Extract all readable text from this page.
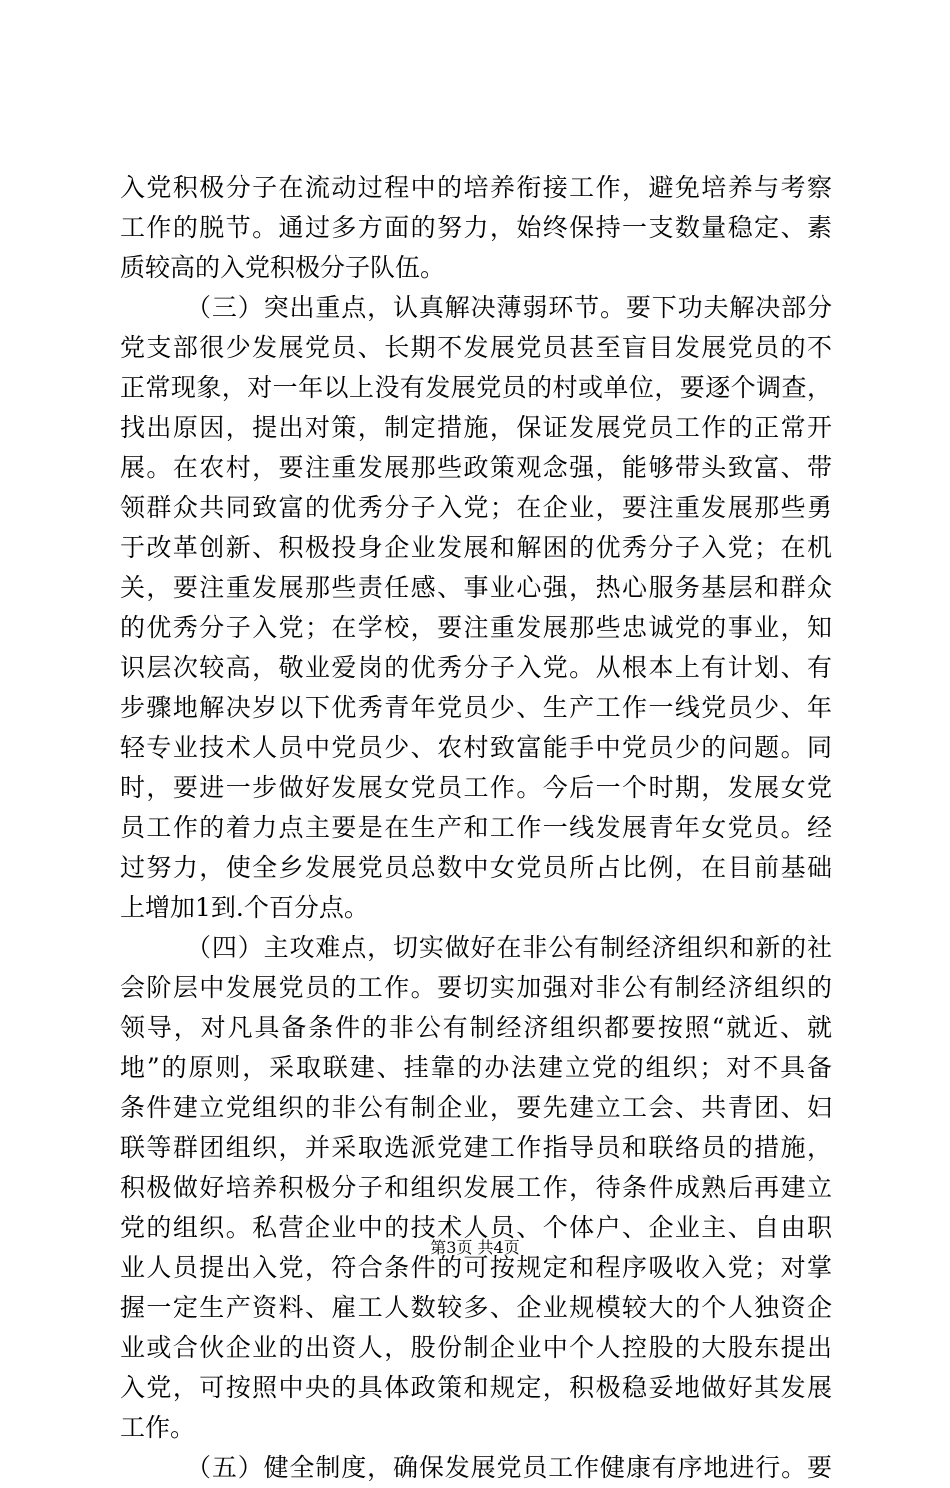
入党积极分子在流动过程中的培养衔接工作，避免培养与考察
工作的脱节。通过多方面的努力，始终保持一支数量稳定、素
质较高的入党积极分子队伍。
（三）突出重点，认真解决薄弱环节。要下功夫解决部分
党支部很少发展党员、长期不发展党员甚至盲目发展党员的不
正常现象，对一年以上没有发展党员的村或单位，要逐个调查，
找出原因，提出对策，制定措施，保证发展党员工作的正常开
展。在农村，要注重发展那些政策观念强，能够带头致富、带
领群众共同致富的优秀分子入党；在企业，要注重发展那些勇
于改革创新、积极投身企业发展和解困的优秀分子入党；在机
关，要注重发展那些责任感、事业心强，热心服务基层和群众
的优秀分子入党；在学校，要注重发展那些忠诚党的事业，知
识层次较高，敬业爱岗的优秀分子入党。从根本上有计划、有
步骤地解决岁以下优秀青年党员少、生产工作一线党员少、年
轻专业技术人员中党员少、农村致富能手中党员少的问题。同
时，要进一步做好发展女党员工作。今后一个时期，发展女党
员工作的着力点主要是在生产和工作一线发展青年女党员。经
过努力，使全乡发展党员总数中女党员所占比例，在目前基础
上增加1到.个百分点。
（四）主攻难点，切实做好在非公有制经济组织和新的社
会阶层中发展党员的工作。要切实加强对非公有制经济组织的
领导，对凡具备条件的非公有制经济组织都要按照“就近、就
地”的原则，采取联建、挂靠的办法建立党的组织；对不具备
条件建立党组织的非公有制企业，要先建立工会、共青团、妇
联等群团组织，并采取选派党建工作指导员和联络员的措施，
积极做好培养积极分子和组织发展工作，待条件成熟后再建立
党的组织。私营企业中的技术人员、个体户、企业主、自由职
业人员提出入党，符合条件的可按规定和程序吸收入党；对掌
握一定生产资料、雇工人数较多、企业规模较大的个人独资企
业或合伙企业的出资人，股份制企业中个人控股的大股东提出
入党，可按照中央的具体政策和规定，积极稳妥地做好其发展
工作。
（五）健全制度，确保发展党员工作健康有序地进行。要
第3页 共4页
